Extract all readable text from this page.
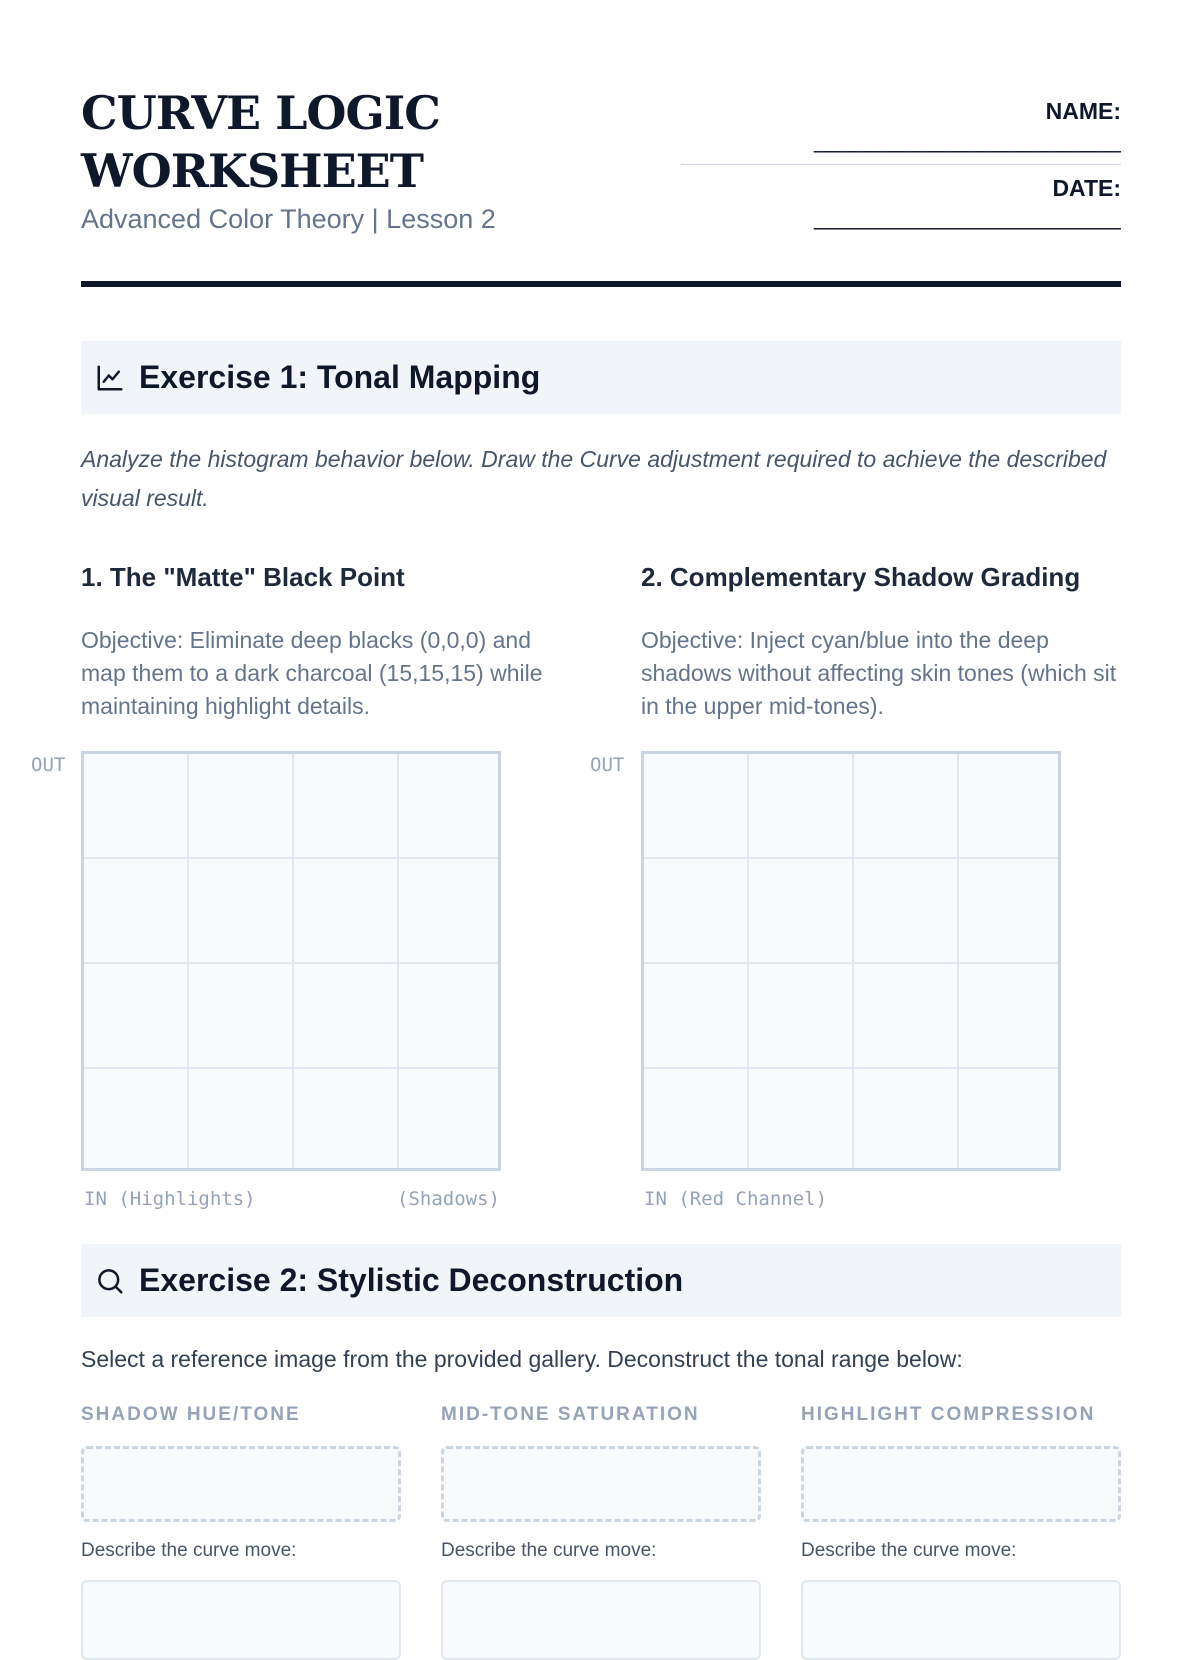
CURVE LOGIC
WORKSHEET
Advanced Color Theory | Lesson 2
NAME:
________________________
DATE:
________________________
Exercise 1: Tonal Mapping
Analyze the histogram behavior below. Draw the Curve adjustment required to achieve the described visual result.
1. The "Matte" Black Point
Objective: Eliminate deep blacks (0,0,0) and map them to a dark charcoal (15,15,15) while maintaining highlight details.
OUT
IN (Highlights)	(Shadows)
2. Complementary Shadow Grading
Objective: Inject cyan/blue into the deep shadows without affecting skin tones (which sit in the upper mid-tones).
OUT
IN (Red Channel)
Exercise 2: Stylistic Deconstruction
Select a reference image from the provided gallery. Deconstruct the tonal range below:
SHADOW HUE/TONE
Describe the curve move:
MID-TONE SATURATION
Describe the curve move:
HIGHLIGHT COMPRESSION
Describe the curve move:
